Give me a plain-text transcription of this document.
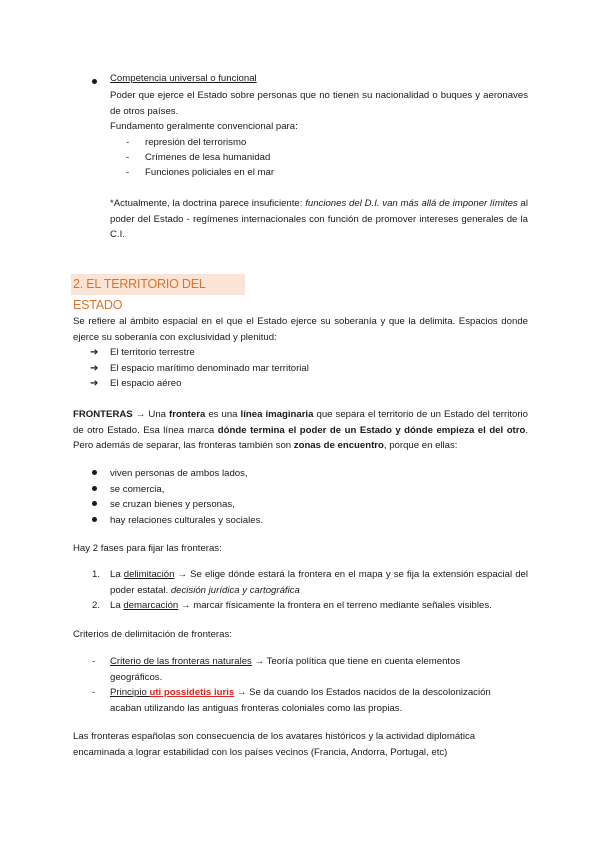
Competencia universal o funcional
Poder que ejerce el Estado sobre personas que no tienen su nacionalidad o buques y aeronaves de otros países.
Fundamento geralmente convencional para:
- represión del terrorismo
- Crímenes de lesa humanidad
- Funciones policiales en el mar
*Actualmente, la doctrina parece insuficiente: funciones del D.I. van más allá de imponer límites al poder del Estado - regímenes internacionales con función de promover intereses generales de la C.I.
2. EL TERRITORIO DEL ESTADO
Se refiere al ámbito espacial en el que el Estado ejerce su soberanía y que la delimita. Espacios donde ejerce su soberanía con exclusividad y plenitud:
➔ El territorio terrestre
➔ El espacio marítimo denominado mar territorial
➔ El espacio aéreo
FRONTERAS → Una frontera es una línea imaginaria que separa el territorio de un Estado del territorio de otro Estado. Esa línea marca dónde termina el poder de un Estado y dónde empieza el del otro. Pero además de separar, las fronteras también son zonas de encuentro, porque en ellas:
viven personas de ambos lados,
se comercia,
se cruzan bienes y personas,
hay relaciones culturales y sociales.
Hay 2 fases para fijar las fronteras:
1. La delimitación → Se elige dónde estará la frontera en el mapa y se fija la extensión espacial del poder estatal. decisión jurídica y cartográfica
2. La demarcación → marcar físicamente la frontera en el terreno mediante señales visibles.
Criterios de delimitación de fronteras:
- Criterio de las fronteras naturales → Teoría política que tiene en cuenta elementos geográficos.
- Principio uti possidetis iuris → Se da cuando los Estados nacidos de la descolonización acaban utilizando las antiguas fronteras coloniales como las propias.
Las fronteras españolas son consecuencia de los avatares históricos y la actividad diplomática encaminada a lograr estabilidad con los países vecinos (Francia, Andorra, Portugal, etc)
